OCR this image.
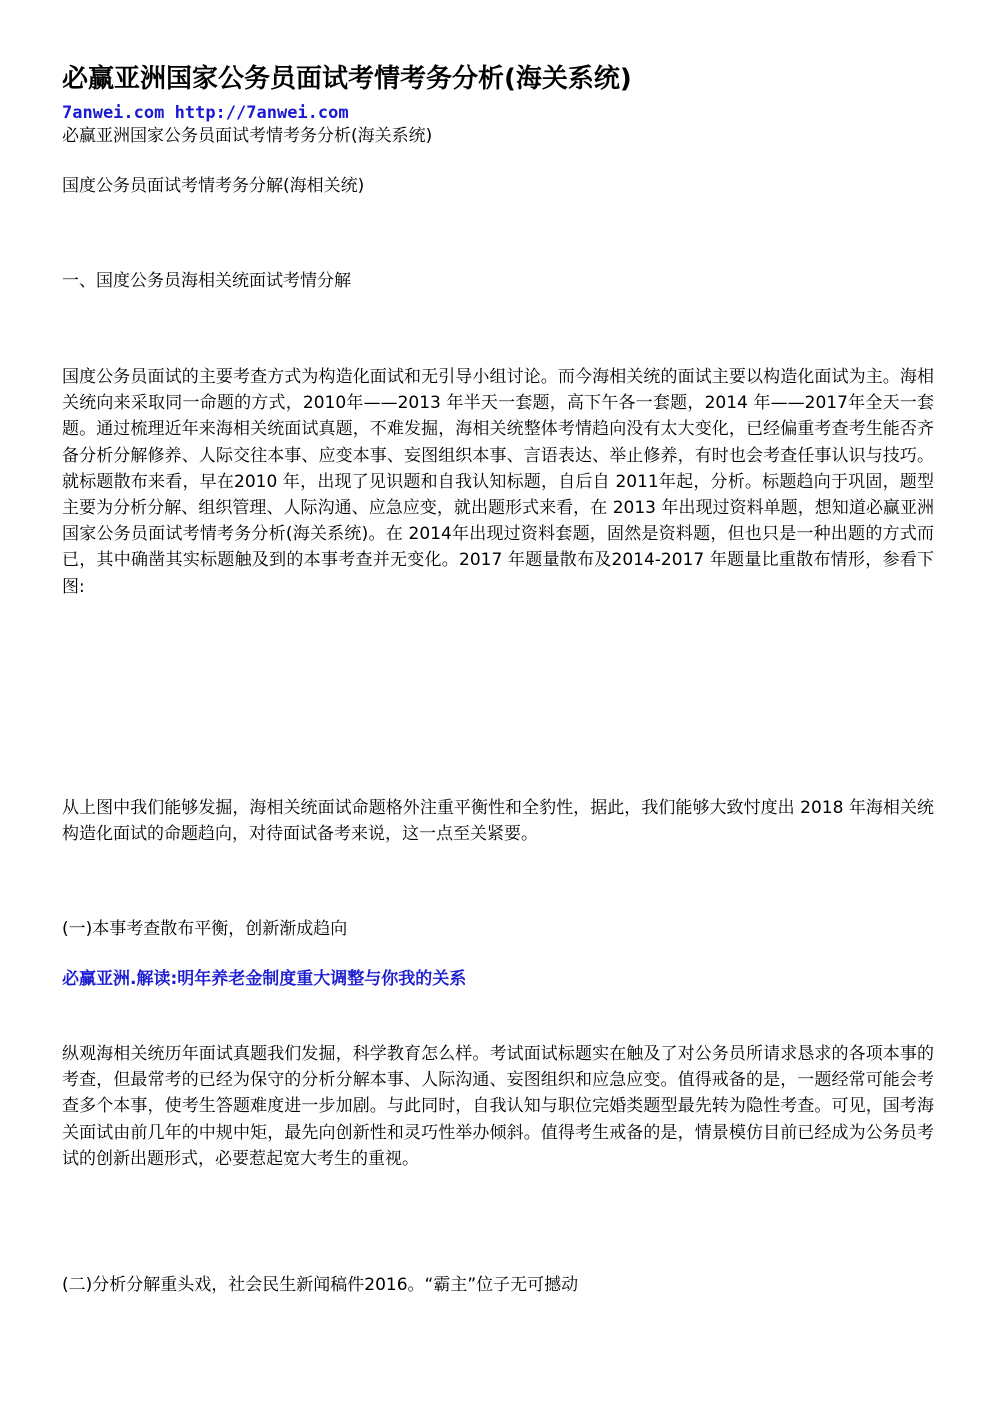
必赢亚洲国家公务员面试考情考务分析(海关系统)
7anwei.com http://7anwei.com

必赢亚洲国家公务员面试考情考务分析(海关系统)

国度公务员面试考情考务分解(海相关统)

一、国度公务员海相关统面试考情分解

国度公务员面试的主要考查方式为构造化面试和无引导小组讨论。而今海相关统的面试主要以构造化面试为主。海相关统向来采取同一命题的方式，2010年——2013 年半天一套题，高下午各一套题，2014 年——2017年全天一套题。通过梳理近年来海相关统面试真题，不难发掘，海相关统整体考情趋向没有太大变化，已经偏重考查考生能否齐备分析分解修养、人际交往本事、应变本事、妄图组织本事、言语表达、举止修养，有时也会考查任事认识与技巧。就标题散布来看，早在2010 年，出现了见识题和自我认知标题，自后自 2011年起，分析。标题趋向于巩固，题型主要为分析分解、组织管理、人际沟通、应急应变，就出题形式来看，在 2013 年出现过资料单题，想知道必赢亚洲国家公务员面试考情考务分析(海关系统)。在 2014年出现过资料套题，固然是资料题，但也只是一种出题的方式而已，其中确凿其实标题触及到的本事考查并无变化。2017 年题量散布及2014-2017 年题量比重散布情形，参看下图:

从上图中我们能够发掘，海相关统面试命题格外注重平衡性和全豹性，据此，我们能够大致忖度出 2018 年海相关统构造化面试的命题趋向，对待面试备考来说，这一点至关紧要。

(一)本事考查散布平衡，创新渐成趋向

必赢亚洲.解读:明年养老金制度重大调整与你我的关系

纵观海相关统历年面试真题我们发掘，科学教育怎么样。考试面试标题实在触及了对公务员所请求恳求的各项本事的考查，但最常考的已经为保守的分析分解本事、人际沟通、妄图组织和应急应变。值得戒备的是，一题经常可能会考查多个本事，使考生答题难度进一步加剧。与此同时，自我认知与职位完婚类题型最先转为隐性考查。可见，国考海关面试由前几年的中规中矩，最先向创新性和灵巧性举办倾斜。值得考生戒备的是，情景模仿目前已经成为公务员考试的创新出题形式，必要惹起宽大考生的重视。

(二)分析分解重头戏，社会民生新闻稿件2016。“霸主”位子无可撼动
